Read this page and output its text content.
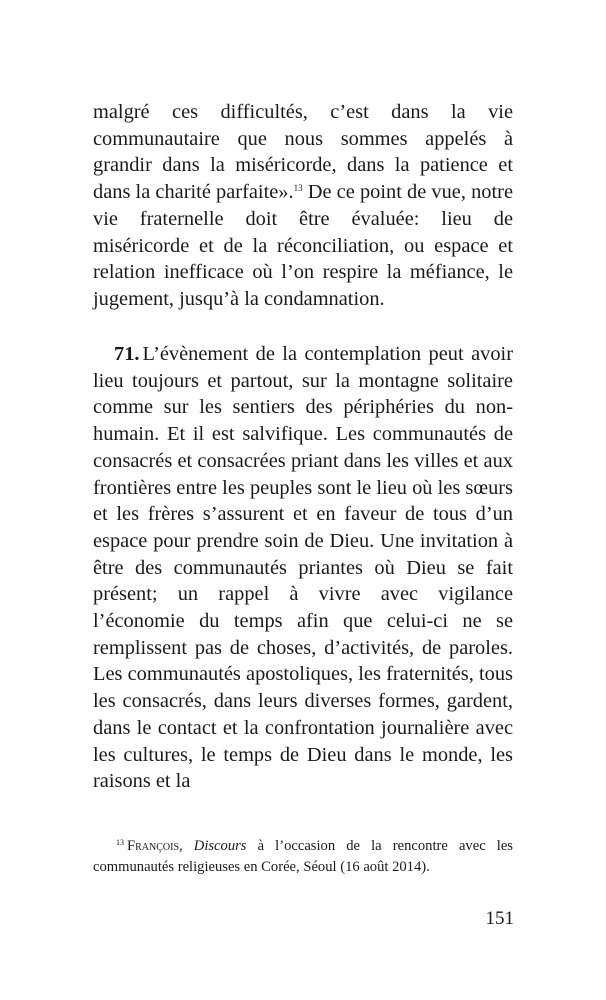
malgré ces difficultés, c’est dans la vie communautaire que nous sommes appelés à grandir dans la miséricorde, dans la patience et dans la charité parfaite».$^{13}$ De ce point de vue, notre vie fraternelle doit être évaluée: lieu de miséricorde et de la réconciliation, ou espace et relation inefficace où l’on respire la méfiance, le jugement, jusqu’à la condamnation.

71. L’évènement de la contemplation peut avoir lieu toujours et partout, sur la montagne solitaire comme sur les sentiers des périphéries du non-humain. Et il est salvifique. Les communautés de consacrés et consacrées priant dans les villes et aux frontières entre les peuples sont le lieu où les sœurs et les frères s’assurent et en faveur de tous d’un espace pour prendre soin de Dieu. Une invitation à être des communautés priantes où Dieu se fait présent; un rappel à vivre avec vigilance l’économie du temps afin que celui-ci ne se remplissent pas de choses, d’activités, de paroles. Les communautés apostoliques, les fraternités, tous les consacrés, dans leurs diverses formes, gardent, dans le contact et la confrontation journalière avec les cultures, le temps de Dieu dans le monde, les raisons et la

$^{13}$ François, Discours à l’occasion de la rencontre avec les communautés religieuses en Corée, Séoul (16 août 2014).

151
